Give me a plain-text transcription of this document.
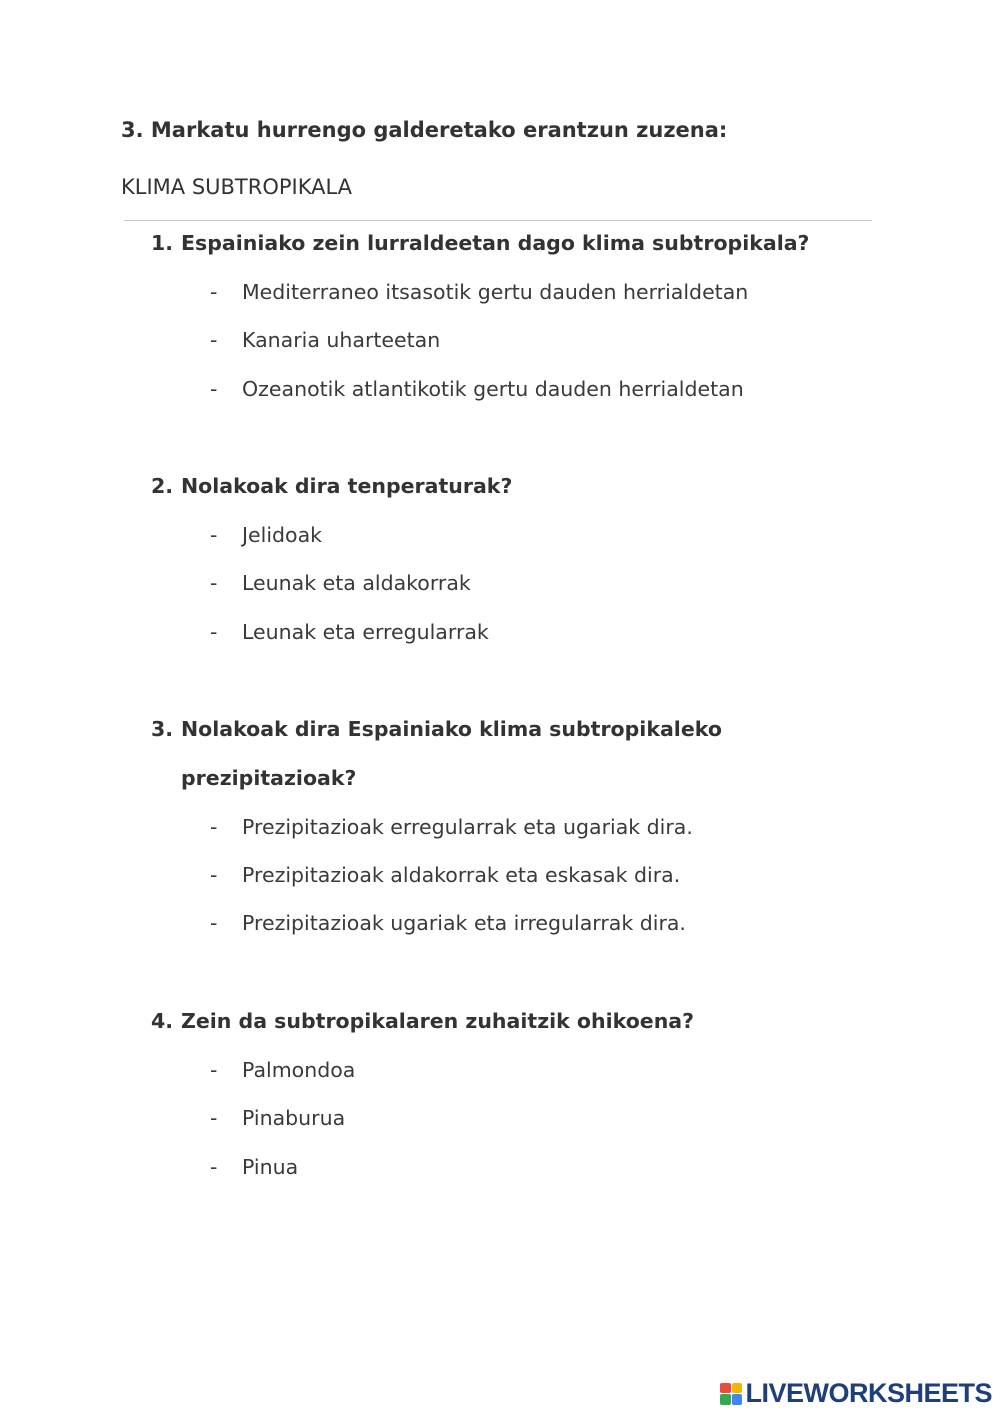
3. Markatu hurrengo galderetako erantzun zuzena:
KLIMA SUBTROPIKALA
1. Espainiako zein lurraldeetan dago klima subtropikala?
- Mediterraneo itsasotik gertu dauden herrialdetan
- Kanaria uharteetan
- Ozeanotik atlantikotik gertu dauden herrialdetan
2. Nolakoak dira tenperaturak?
- Jelidoak
- Leunak eta aldakorrak
- Leunak eta erregularrak
3. Nolakoak dira Espainiako klima subtropikaleko
prezipitazioak?
- Prezipitazioak erregularrak eta ugariak dira.
- Prezipitazioak aldakorrak eta eskasak dira.
- Prezipitazioak ugariak eta irregularrak dira.
4. Zein da subtropikalaren zuhaitzik ohikoena?
- Palmondoa
- Pinaburua
- Pinua
LIVEWORKSHEETS
